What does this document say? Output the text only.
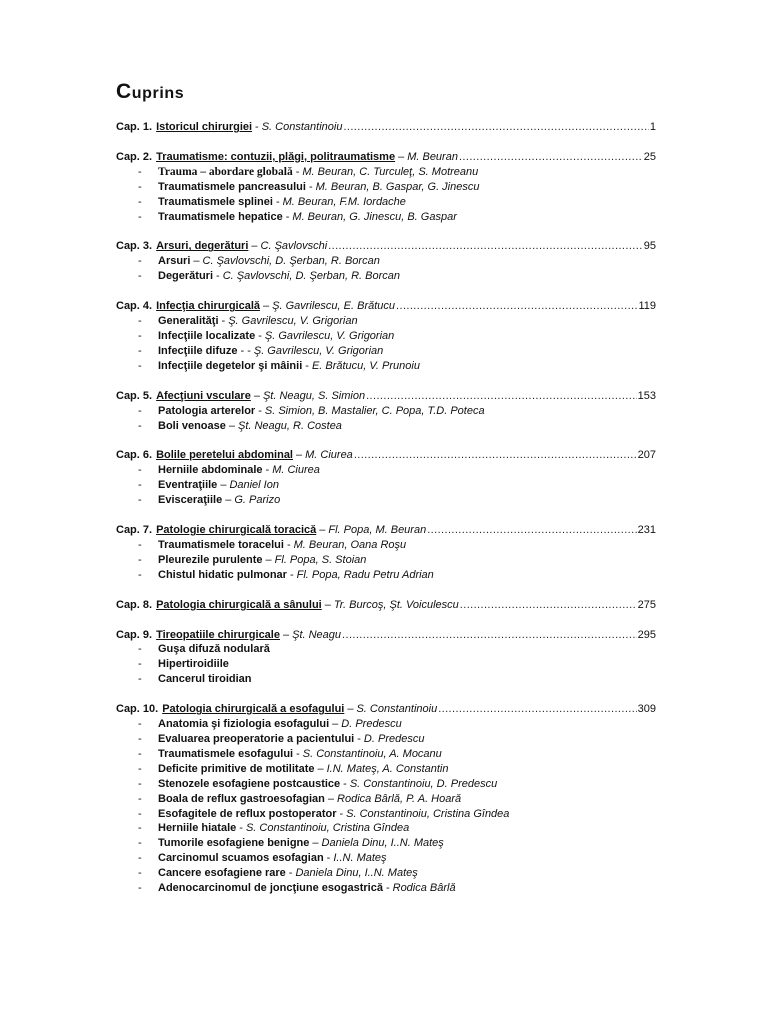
Cuprins
Cap. 1. Istoricul chirurgiei - S. Constantinoiu .....	1
Cap. 2. Traumatisme: contuzii, plăgi, politraumatisme – M. Beuran .....	25
-	Trauma – abordare globală - M. Beuran, C. Turculeţ, S. Motreanu
-	Traumatismele pancreasului - M. Beuran, B. Gaspar, G. Jinescu
-	Traumatismele splinei - M. Beuran, F.M. Iordache
-	Traumatismele hepatice - M. Beuran, G. Jinescu, B. Gaspar
Cap. 3. Arsuri, degerături – C. Şavlovschi .....	95
-	Arsuri – C. Şavlovschi, D. Şerban, R. Borcan
-	Degerături - C. Şavlovschi, D. Şerban, R. Borcan
Cap. 4. Infecţia chirurgicală – Ş. Gavrilescu, E. Brătucu .....	119
-	Generalităţi - Ş. Gavrilescu, V. Grigorian
-	Infecţiile localizate - Ş. Gavrilescu, V. Grigorian
-	Infecţiile difuze - - Ş. Gavrilescu, V. Grigorian
-	Infecţiile degetelor şi mâinii - E. Brătucu, V. Prunoiu
Cap. 5. Afecţiuni vsculare – Şt. Neagu, S. Simion .....	153
-	Patologia arterelor - S. Simion, B. Mastalier, C. Popa, T.D. Poteca
-	Boli venoase – Şt. Neagu, R. Costea
Cap. 6. Bolile peretelui abdominal – M. Ciurea .....	207
-	Herniile abdominale - M. Ciurea
-	Eventraţiile – Daniel Ion
-	Evisceraţiile – G. Parizo
Cap. 7. Patologie chirurgicală toracică – Fl. Popa, M. Beuran .....	231
-	Traumatismele toracelui - M. Beuran, Oana Roşu
-	Pleurezile purulente – Fl. Popa, S. Stoian
-	Chistul hidatic pulmonar - Fl. Popa, Radu Petru Adrian
Cap. 8. Patologia chirurgicală a sânului – Tr. Burcoş, Şt. Voiculescu .....	275
Cap. 9. Tireopatiile chirurgicale – Şt. Neagu .....	295
-	Guşa difuză nodulară
-	Hipertiroidiile
-	Cancerul tiroidian
Cap. 10. Patologia chirurgicală a esofagului – S. Constantinoiu .....	309
-	Anatomia şi fiziologia esofagului – D. Predescu
-	Evaluarea preoperatorie a pacientului - D. Predescu
-	Traumatismele esofagului - S. Constantinoiu, A. Mocanu
-	Deficite primitive de motilitate – I.N. Mateş, A. Constantin
-	Stenozele esofagiene postcaustice - S. Constantinoiu, D. Predescu
-	Boala de reflux gastroesofagian – Rodica Bârlă, P. A. Hoară
-	Esofagitele de reflux postoperator - S. Constantinoiu, Cristina Gîndea
-	Herniile hiatale - S. Constantinoiu, Cristina Gîndea
-	Tumorile esofagiene benigne – Daniela Dinu, I..N. Mateş
-	Carcinomul scuamos esofagian - I..N. Mateş
-	Cancere esofagiene rare - Daniela Dinu, I..N. Mateş
-	Adenocarcinomul de joncţiune esogastrică - Rodica Bârlă
